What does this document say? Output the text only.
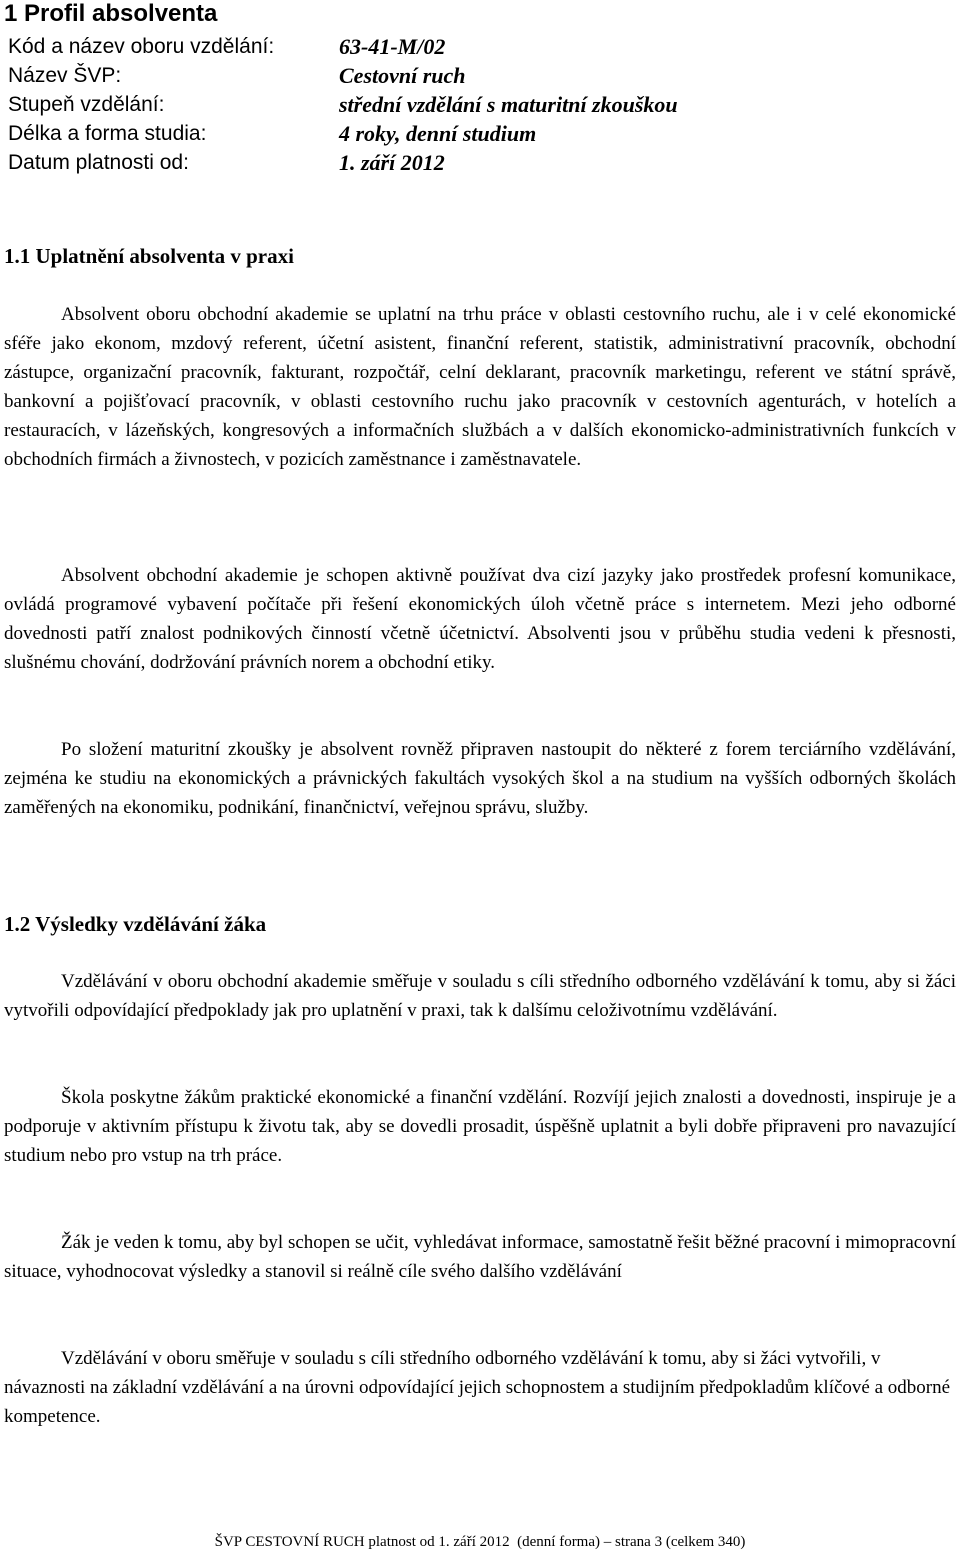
1 Profil absolventa
Kód a název oboru vzdělání:	63-41-M/02
Název ŠVP:	Cestovní ruch
Stupeň vzdělání:	střední vzdělání s maturitní zkouškou
Délka a forma studia:	4 roky, denní studium
Datum platnosti od:	1. září 2012
1.1 Uplatnění absolventa v praxi

Absolvent oboru obchodní akademie se uplatní na trhu práce v oblasti cestovního ruchu, ale i v celé ekonomické sféře jako ekonom, mzdový referent, účetní asistent, finanční referent, statistik, administrativní pracovník, obchodní zástupce, organizační pracovník, fakturant, rozpočtář, celní deklarant, pracovník marketingu, referent ve státní správě, bankovní a pojišťovací pracovník, v oblasti cestovního ruchu jako pracovník v cestovních agenturách, v hotelích a restauracích, v lázeňských, kongresových a informačních službách a v dalších ekonomicko-administrativních funkcích v obchodních firmách a živnostech, v pozicích zaměstnance i zaměstnavatele.

Absolvent obchodní akademie je schopen aktivně používat dva cizí jazyky jako prostředek profesní komunikace, ovládá programové vybavení počítače při řešení ekonomických úloh včetně práce s internetem. Mezi jeho odborné dovednosti patří znalost podnikových činností včetně účetnictví. Absolventi jsou v průběhu studia vedeni k přesnosti, slušnému chování, dodržování právních norem a obchodní etiky.

Po složení maturitní zkoušky je absolvent rovněž připraven nastoupit do některé z forem terciárního vzdělávání, zejména ke studiu na ekonomických a právnických fakultách vysokých škol a na studium na vyšších odborných školách zaměřených na ekonomiku, podnikání, finančnictví, veřejnou správu, služby.

1.2 Výsledky vzdělávání žáka

Vzdělávání v oboru obchodní akademie směřuje v souladu s cíli středního odborného vzdělávání k tomu, aby si žáci vytvořili odpovídající předpoklady jak pro uplatnění v praxi, tak k dalšímu celoživotnímu vzdělávání.

Škola poskytne žákům praktické ekonomické a finanční vzdělání. Rozvíjí jejich znalosti a dovednosti, inspiruje je a podporuje v aktivním přístupu k životu tak, aby se dovedli prosadit, úspěšně uplatnit a byli dobře připraveni pro navazující studium nebo pro vstup na trh práce.

Žák je veden k tomu, aby byl schopen se učit, vyhledávat informace, samostatně řešit běžné pracovní i mimopracovní situace, vyhodnocovat výsledky a stanovil si reálně cíle svého dalšího vzdělávání

Vzdělávání v oboru směřuje v souladu s cíli středního odborného vzdělávání k tomu, aby si žáci vytvořili, v návaznosti na základní vzdělávání a na úrovni odpovídající jejich schopnostem a studijním předpokladům klíčové a odborné kompetence.

ŠVP CESTOVNÍ RUCH platnost od 1. září 2012 (denní forma) – strana 3 (celkem 340)
